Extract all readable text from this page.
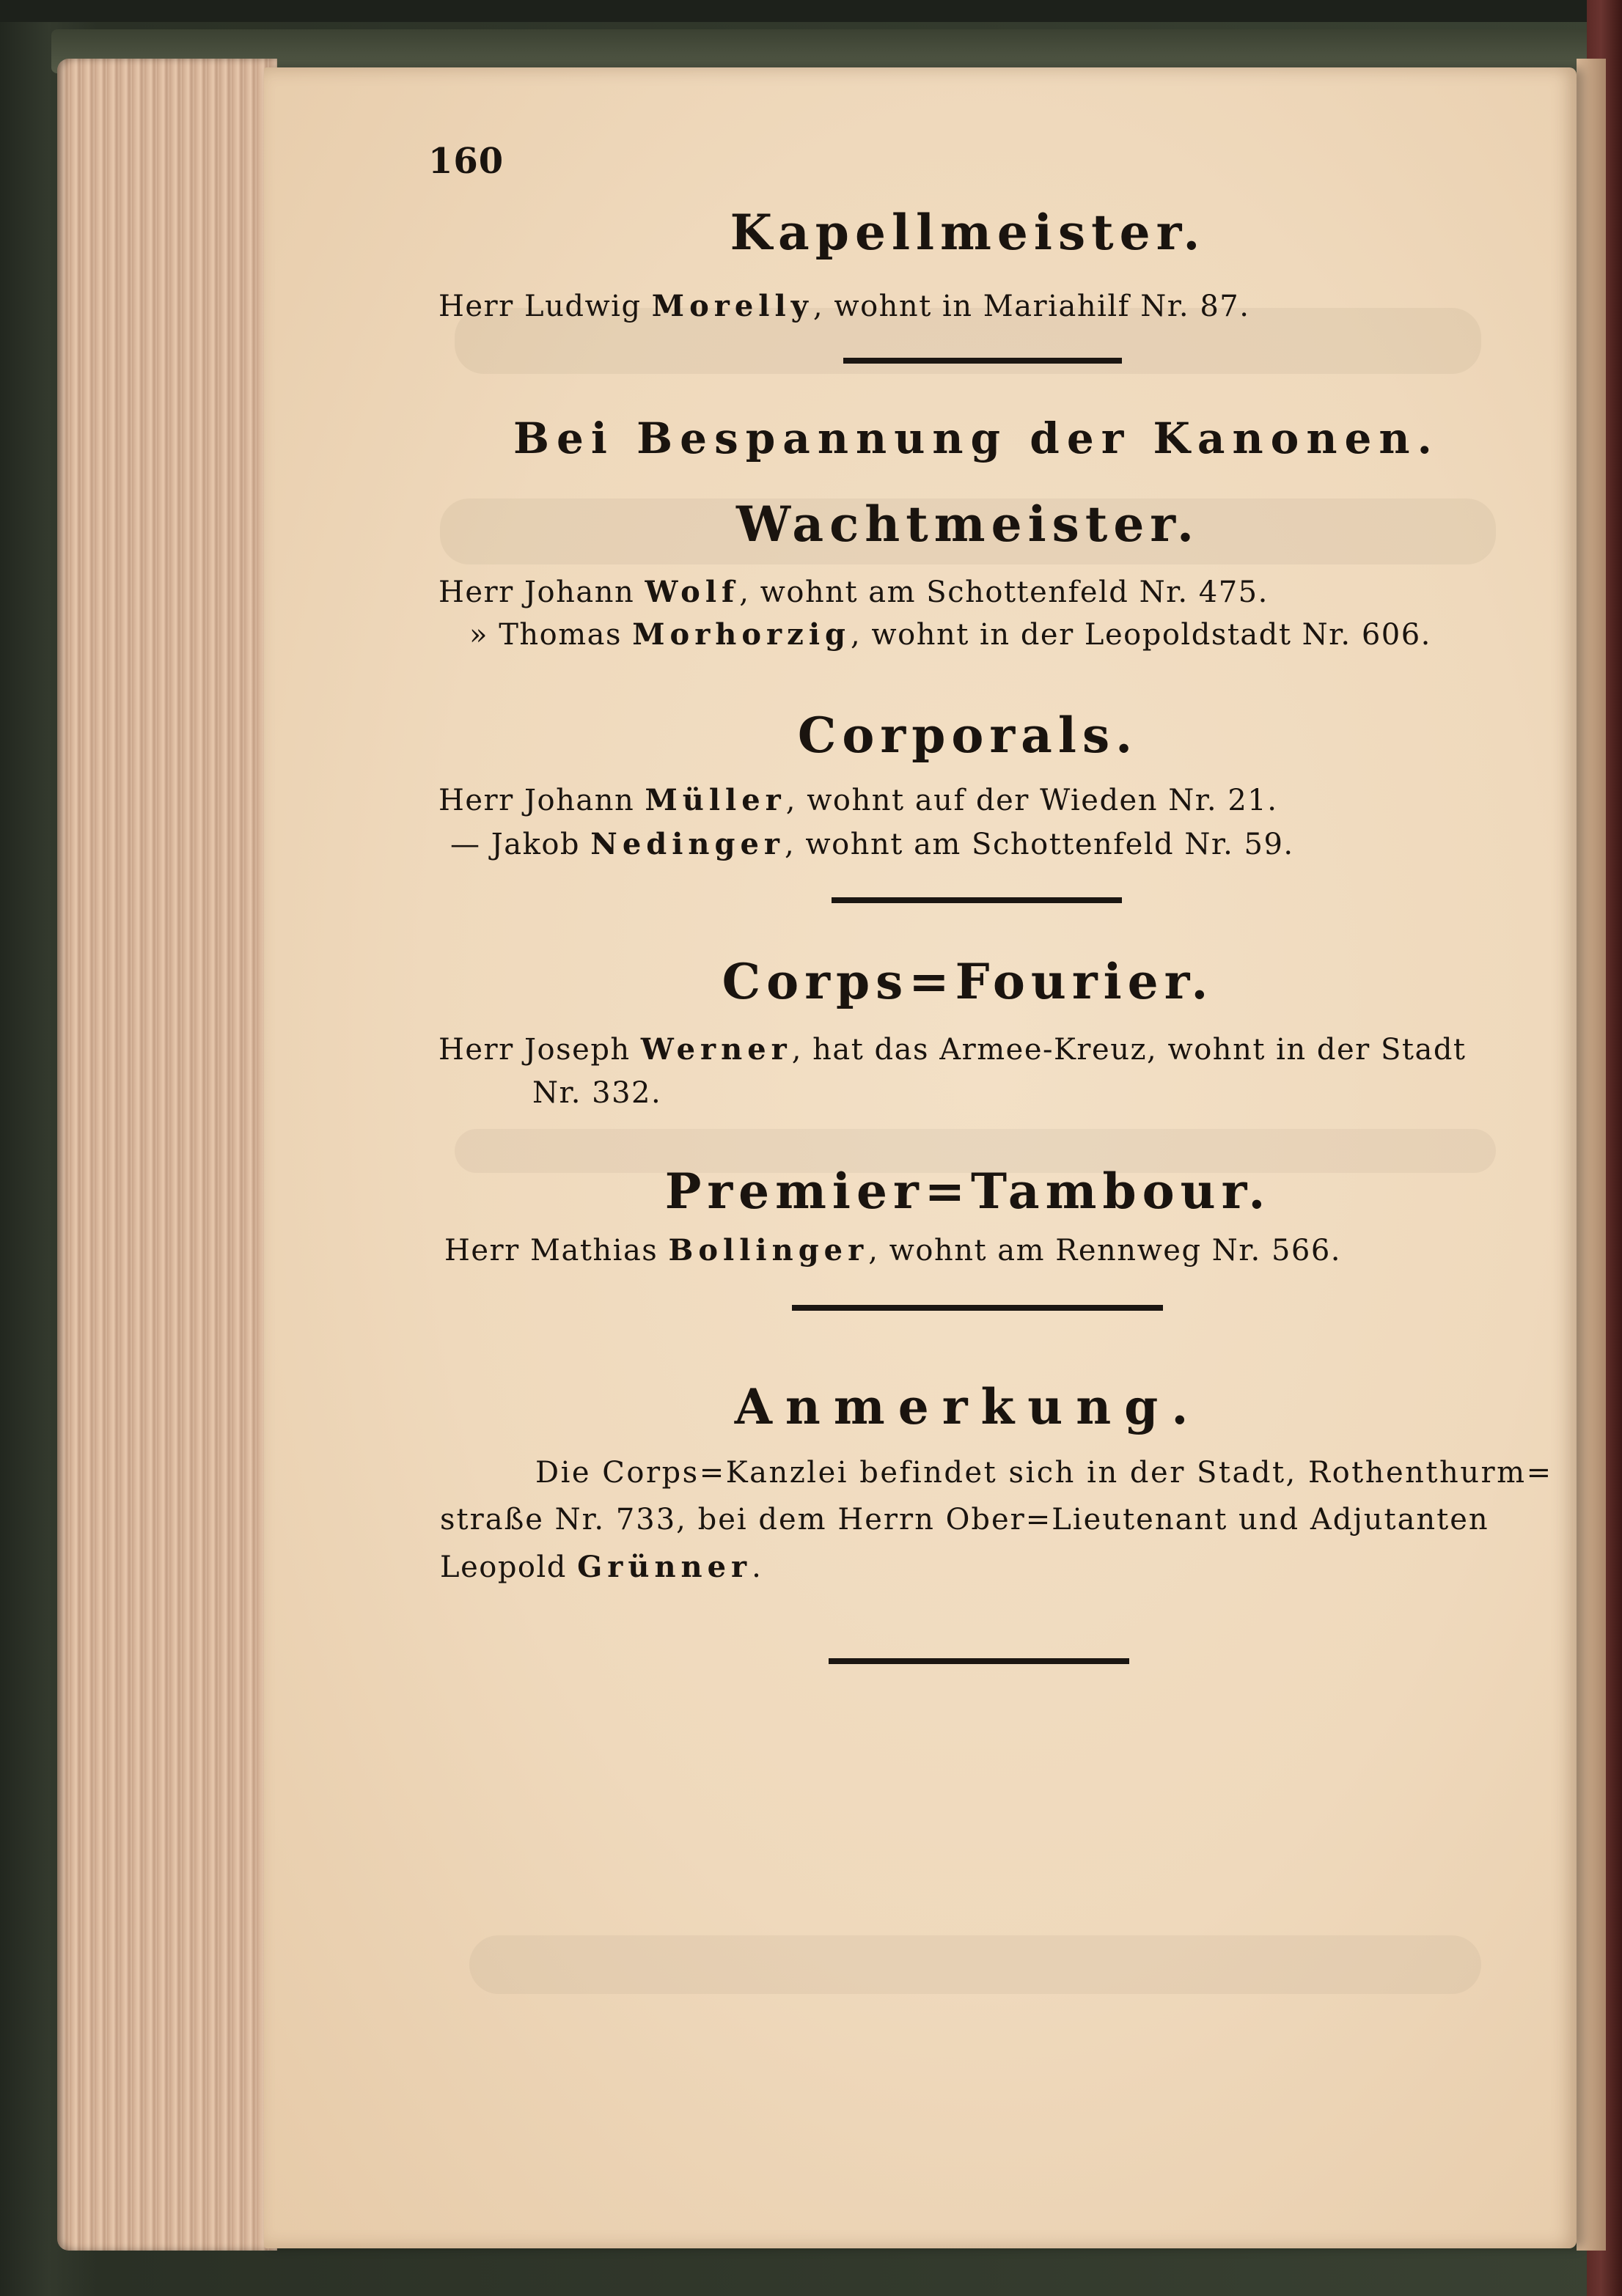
160
Kapellmeister.
Herr Ludwig Morelly, wohnt in Mariahilf Nr. 87.
Bei Bespannung der Kanonen.
Wachtmeister.
Herr Johann Wolf, wohnt am Schottenfeld Nr. 475.
» Thomas Morhorzig, wohnt in der Leopoldstadt Nr. 606.
Corporals.
Herr Johann Müller, wohnt auf der Wieden Nr. 21.
— Jakob Nedinger, wohnt am Schottenfeld Nr. 59.
Corps=Fourier.
Herr Joseph Werner, hat das Armee-Kreuz, wohnt in der Stadt
Nr. 332.
Premier=Tambour.
Herr Mathias Bollinger, wohnt am Rennweg Nr. 566.
Anmerkung.
Die Corps=Kanzlei befindet sich in der Stadt, Rothenthurm=
straße Nr. 733, bei dem Herrn Ober=Lieutenant und Adjutanten
Leopold Grünner.
